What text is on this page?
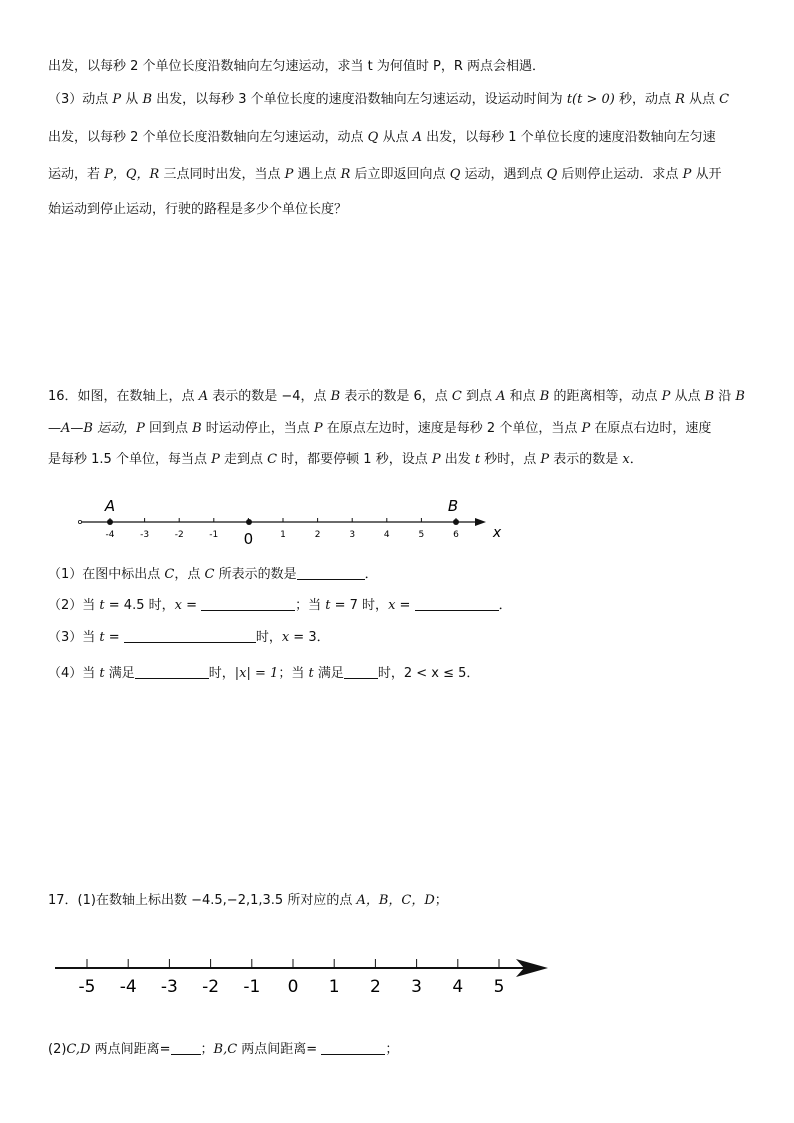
出发，以每秒 2 个单位长度沿数轴向左匀速运动，求当 t 为何值时 P，R 两点会相遇．
（3）动点 P 从 B 出发，以每秒 3 个单位长度的速度沿数轴向左匀速运动，设运动时间为 t(t > 0) 秒，动点 R 从点 C
出发，以每秒 2 个单位长度沿数轴向左匀速运动，动点 Q 从点 A 出发，以每秒 1 个单位长度的速度沿数轴向左匀速
运动，若 P，Q，R 三点同时出发，当点 P 遇上点 R 后立即返回向点 Q 运动，遇到点 Q 后则停止运动．求点 P 从开
始运动到停止运动，行驶的路程是多少个单位长度？
16．如图，在数轴上，点 A 表示的数是 −4，点 B 表示的数是 6，点 C 到点 A 和点 B 的距离相等，动点 P 从点 B 沿 B
—A—B 运动，P 回到点 B 时运动停止，当点 P 在原点左边时，速度是每秒 2 个单位，当点 P 在原点右边时，速度
是每秒 1.5 个单位，每当点 P 走到点 C 时，都要停顿 1 秒，设点 P 出发 t 秒时，点 P 表示的数是 x．
-4	-3	-2	-1 0	1	2	3	4	5	6
A	B
x
（1）在图中标出点 C，点 C 所表示的数是	．
（2）当 t = 4.5 时，x =	；当 t = 7 时，x =	．
（3）当 t =	时，x = 3．
（4）当 t 满足	时，|x| = 1；当 t 满足	时，2 < x ≤ 5．
17．(1)在数轴上标出数 −4.5,−2,1,3.5 所对应的点 A，B，C，D；
-5 -4 -3 -2 -1 0 1 2 3 4 5
(2)C,D 两点间距离= ；B,C 两点间距离=	；
